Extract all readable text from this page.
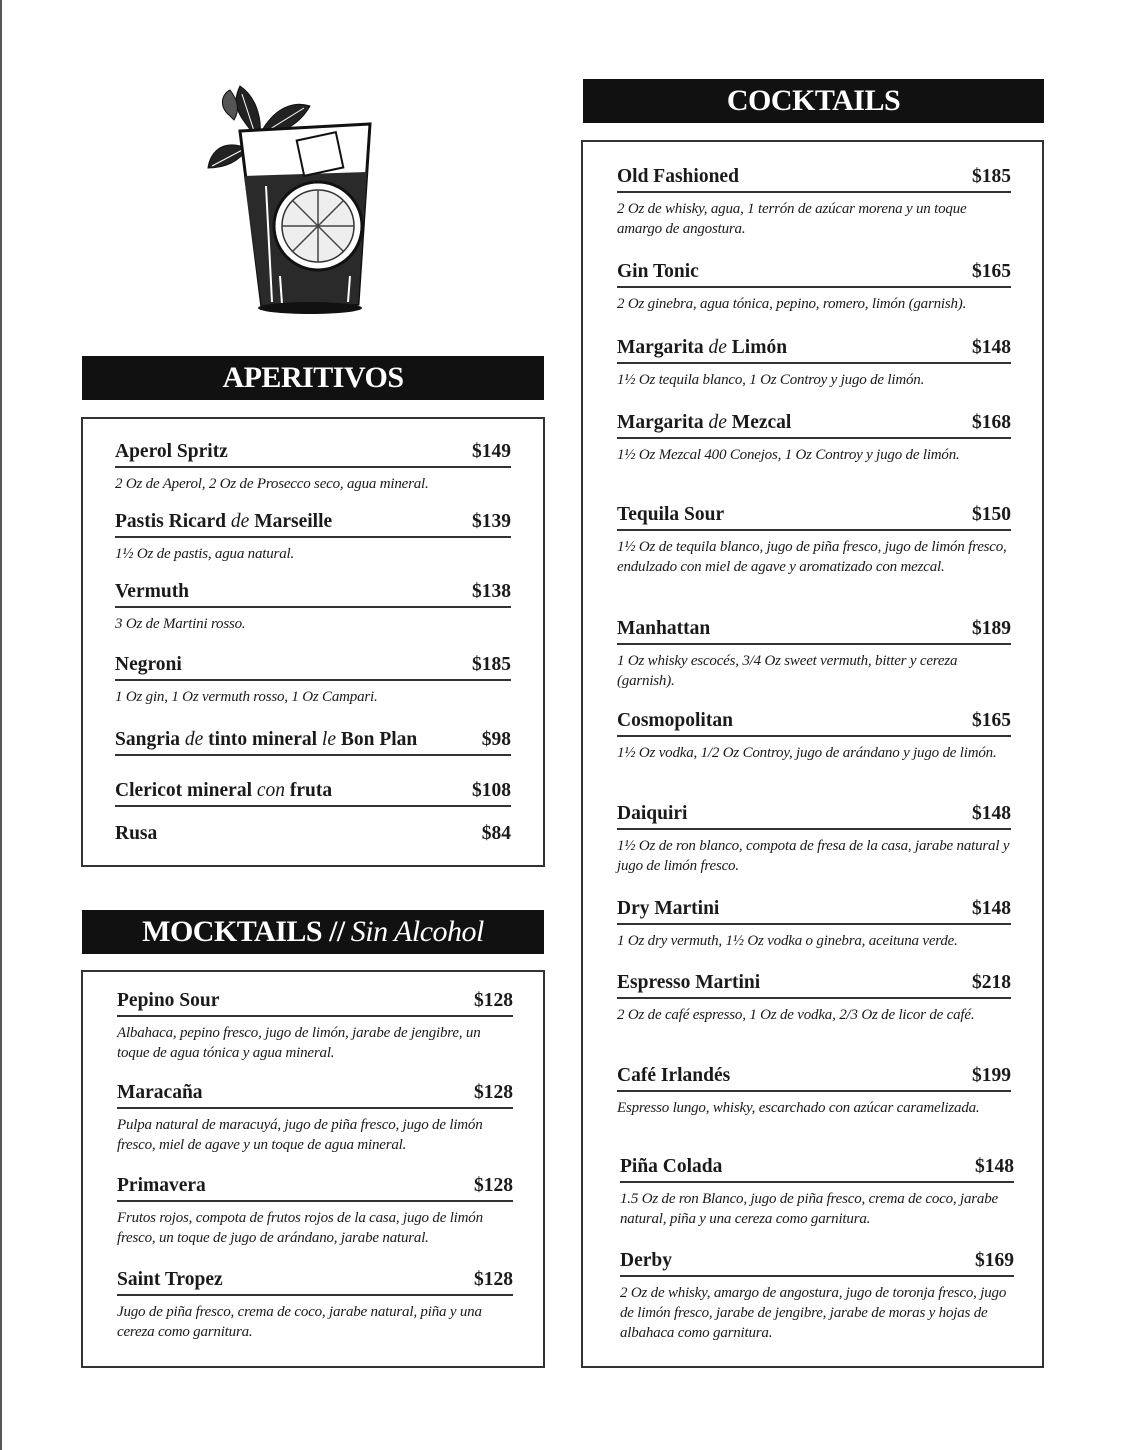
APERITIVOS
Aperol Spritz	$149
2 Oz de Aperol, 2 Oz de Prosecco seco, agua mineral.
Pastis Ricard de Marseille	$139
1½ Oz de pastis, agua natural.
Vermuth	$138
3 Oz de Martini rosso.
Negroni	$185
1 Oz gin, 1 Oz vermuth rosso, 1 Oz Campari.
Sangria de tinto mineral le Bon Plan	$98
Clericot mineral con fruta	$108
Rusa	$84
MOCKTAILS // Sin Alcohol
Pepino Sour	$128
Albahaca, pepino fresco, jugo de limón, jarabe de jengibre, un toque de agua tónica y agua mineral.
Maracaña	$128
Pulpa natural de maracuyá, jugo de piña fresco, jugo de limón fresco, miel de agave y un toque de agua mineral.
Primavera	$128
Frutos rojos, compota de frutos rojos de la casa, jugo de limón fresco, un toque de jugo de arándano, jarabe natural.
Saint Tropez	$128
Jugo de piña fresco, crema de coco, jarabe natural, piña y una cereza como garnitura.
COCKTAILS
Old Fashioned	$185
2 Oz de whisky, agua, 1 terrón de azúcar morena y un toque amargo de angostura.
Gin Tonic	$165
2 Oz ginebra, agua tónica, pepino, romero, limón (garnish).
Margarita de Limón	$148
1½ Oz tequila blanco, 1 Oz Controy y jugo de limón.
Margarita de Mezcal	$168
1½ Oz Mezcal 400 Conejos, 1 Oz Controy y jugo de limón.
Tequila Sour	$150
1½ Oz de tequila blanco, jugo de piña fresco, jugo de limón fresco, endulzado con miel de agave y aromatizado con mezcal.
Manhattan	$189
1 Oz whisky escocés, 3/4 Oz sweet vermuth, bitter y cereza (garnish).
Cosmopolitan	$165
1½ Oz vodka, 1/2 Oz Controy, jugo de arándano y jugo de limón.
Daiquiri	$148
1½ Oz de ron blanco, compota de fresa de la casa, jarabe natural y jugo de limón fresco.
Dry Martini	$148
1 Oz dry vermuth, 1½ Oz vodka o ginebra, aceituna verde.
Espresso Martini	$218
2 Oz de café espresso, 1 Oz de vodka, 2/3 Oz de licor de café.
Café Irlandés	$199
Espresso lungo, whisky, escarchado con azúcar caramelizada.
Piña Colada	$148
1.5 Oz de ron Blanco, jugo de piña fresco, crema de coco, jarabe natural, piña y una cereza como garnitura.
Derby	$169
2 Oz de whisky, amargo de angostura, jugo de toronja fresco, jugo de limón fresco, jarabe de jengibre, jarabe de moras y hojas de albahaca como garnitura.
